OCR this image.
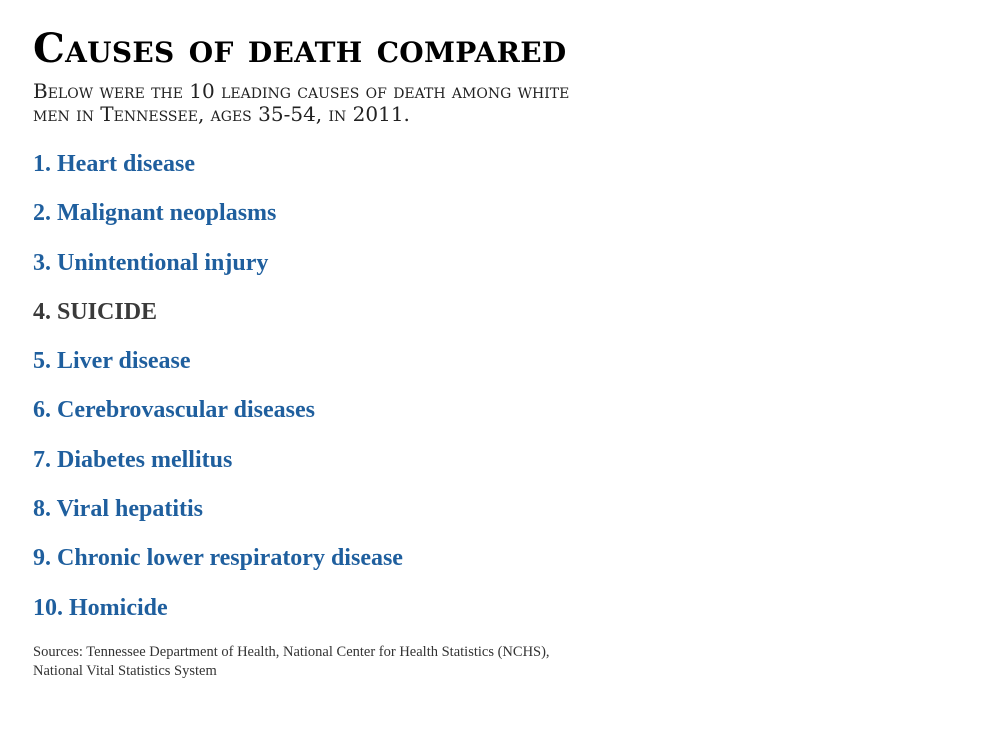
Causes of death compared

Below were the 10 leading causes of death among white men in Tennessee, ages 35-54, in 2011.

1. Heart disease
2. Malignant neoplasms
3. Unintentional injury
4. SUICIDE
5. Liver disease
6. Cerebrovascular diseases
7. Diabetes mellitus
8. Viral hepatitis
9. Chronic lower respiratory disease
10. Homicide

Sources: Tennessee Department of Health, National Center for Health Statistics (NCHS), National Vital Statistics System
